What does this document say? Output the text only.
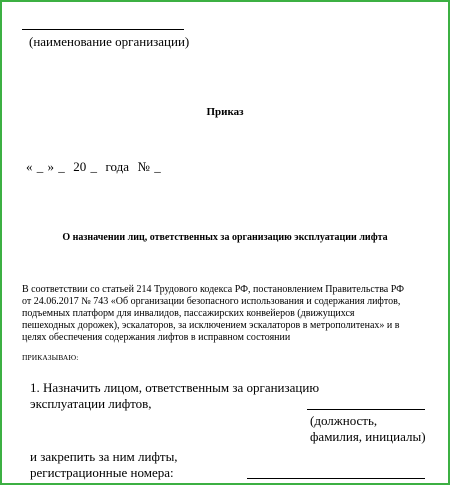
(наименование организации)
Приказ
« _ » _ 20 _ года № _
О назначении лиц, ответственных за организацию эксплуатации лифта
В соответствии со статьей 214 Трудового кодекса РФ, постановлением Правительства РФ
от 24.06.2017 № 743 «Об организации безопасного использования и содержания лифтов,
подъемных платформ для инвалидов, пассажирских конвейеров (движущихся
пешеходных дорожек), эскалаторов, за исключением эскалаторов в метрополитенах» и в
целях обеспечения содержания лифтов в исправном состоянии
ПРИКАЗЫВАЮ:
1. Назначить лицом, ответственным за организацию
эксплуатации лифтов,
(должность,
фамилия, инициалы)
и закрепить за ним лифты,
регистрационные номера:
